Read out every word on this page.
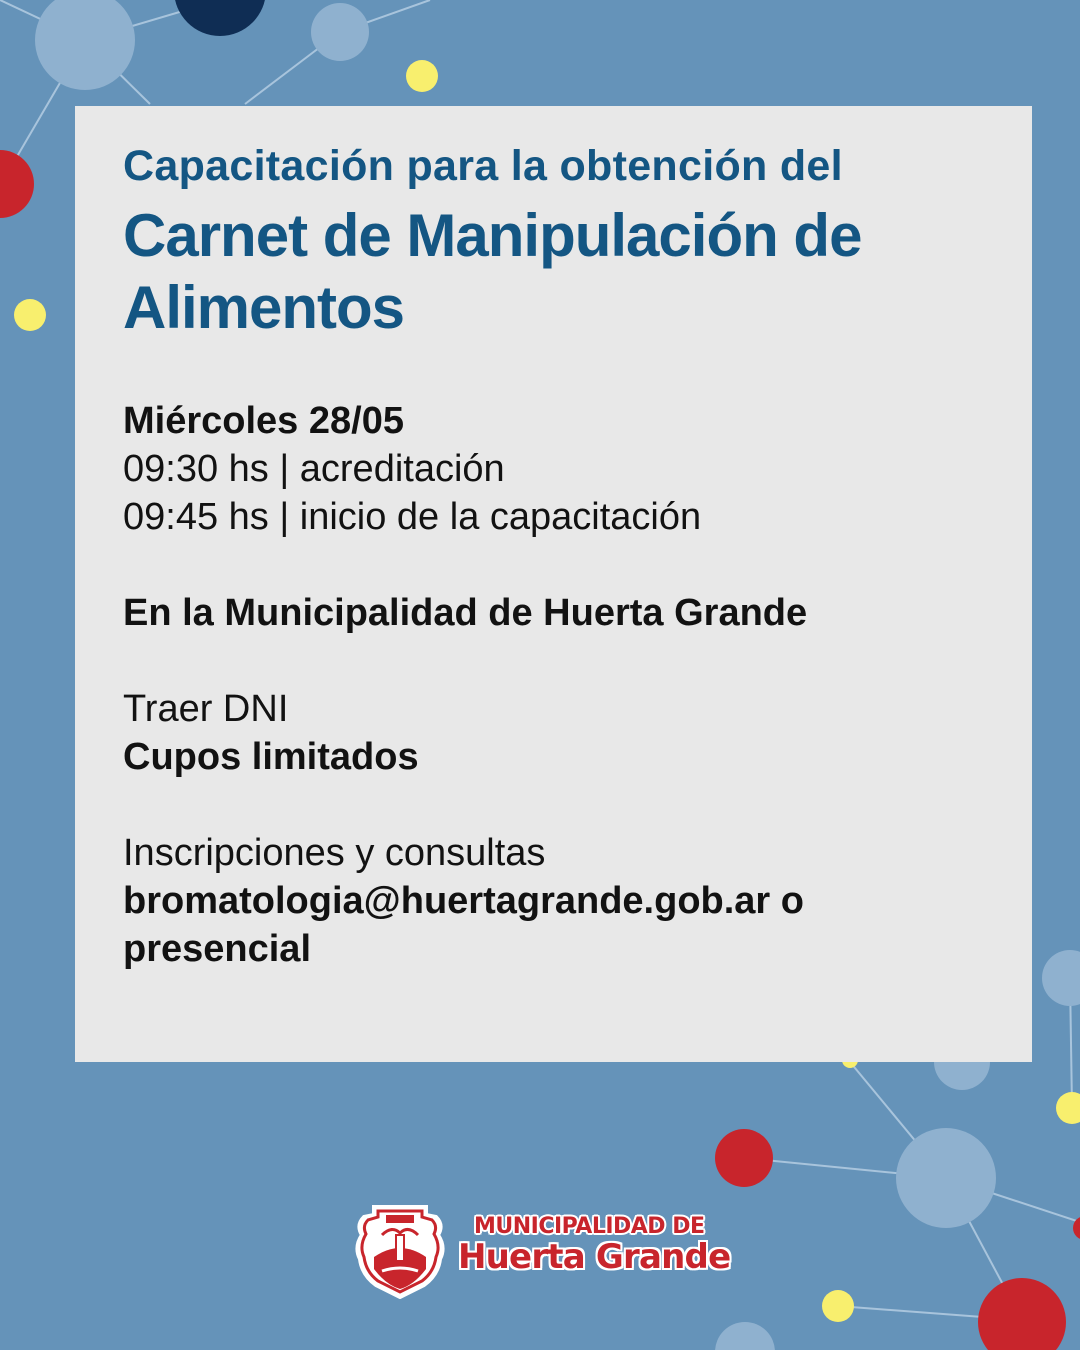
Capacitación para la obtención del
Carnet de Manipulación de Alimentos
Miércoles 28/05
09:30 hs | acreditación
09:45 hs | inicio de la capacitación
En la Municipalidad de Huerta Grande
Traer DNI
Cupos limitados
Inscripciones y consultas
bromatologia@huertagrande.gob.ar o
presencial
MUNICIPALIDAD DE
Huerta Grande
